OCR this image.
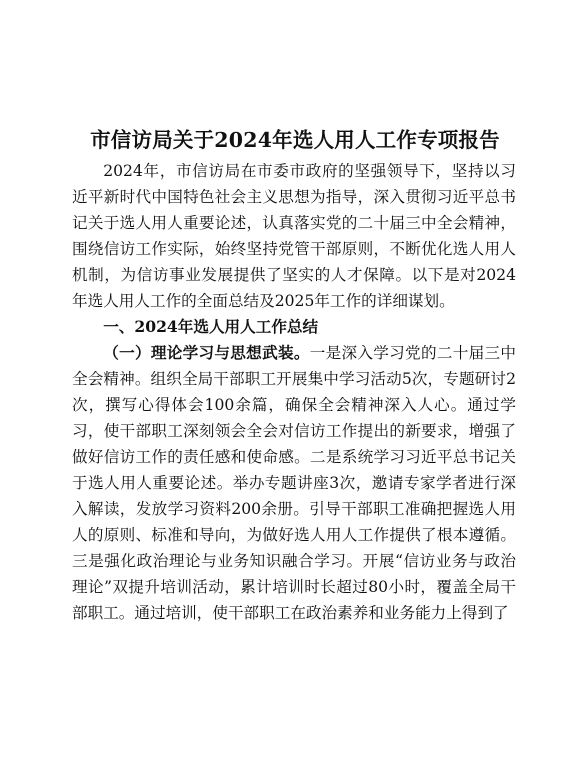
市信访局关于2024年选人用人工作专项报告

2024年，市信访局在市委市政府的坚强领导下，坚持以习近平新时代中国特色社会主义思想为指导，深入贯彻习近平总书记关于选人用人重要论述，认真落实党的二十届三中全会精神，围绕信访工作实际，始终坚持党管干部原则，不断优化选人用人机制，为信访事业发展提供了坚实的人才保障。以下是对2024年选人用人工作的全面总结及2025年工作的详细谋划。

一、2024年选人用人工作总结

（一）理论学习与思想武装。一是深入学习党的二十届三中全会精神。组织全局干部职工开展集中学习活动5次，专题研讨2次，撰写心得体会100余篇，确保全会精神深入人心。通过学习，使干部职工深刻领会全会对信访工作提出的新要求，增强了做好信访工作的责任感和使命感。二是系统学习习近平总书记关于选人用人重要论述。举办专题讲座3次，邀请专家学者进行深入解读，发放学习资料200余册。引导干部职工准确把握选人用人的原则、标准和导向，为做好选人用人工作提供了根本遵循。三是强化政治理论与业务知识融合学习。开展“信访业务与政治理论”双提升培训活动，累计培训时长超过80小时，覆盖全局干部职工。通过培训，使干部职工在政治素养和业务能力上得到了
